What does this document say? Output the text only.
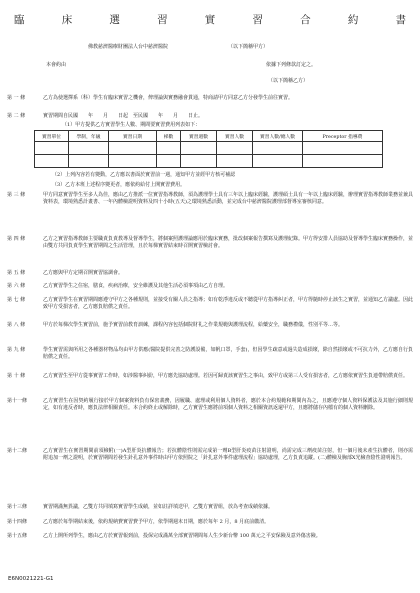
臨	床	選	習	實	習	合	約	書
佛教慈濟醫療財團法人台中慈濟醫院	（以下簡稱甲方）
本會約由	依據下列條款訂定之。
（以下簡稱乙方）
第 一 條	乙方為使選擇系（科）學生有臨床實習之機會，俾理論與實務融會貫通，特商請甲方同意乙方分發學生前往實習。
第 二 條	實習期間自民國　　年　　月　　日起　至民國　　年　　月　　日止。
（1）甲方提供乙方實習學生人數、期間要實習費用列表如下：
實習單位	學制，年級	實習日期	梯數	實習週數	實習人數	實習人數/總人數	Preceptor 指導費

（2）上列內容若有變動，乙方應以書面於實習前一週，通知甲方並經甲方核可補認
（3）乙方本班上述程序變更者，應依約給付上開實習費用。
第 三 條	甲方同意實習學生至多人為佳，應由乙方推派一位實習指導教師，須為護理學士具有三年以上臨床經驗，護理碩士具有一年以上臨床經驗，辦理實習指導教師業務並兼具資料表，環境熟悉計畫書、一年內體檢證明資料及四十小時(五天)之環境熟悉活動，並完成台中慈濟醫院護理部督導室審核同意。
第 四 條	乙方之實習指導教師主要職責負責教導及督導學生，將個案照護理論應用於臨床實務，批改個案報告撰寫及護理紀錄。甲方得安排人員協助及督導學生臨床實務操作，並由雙方共同負責學生實習期間之生活管理，且於每梯實習結束時召開實習檢討會。
第 五 條	乙方應與甲方定期召開實習協調會。
第 六 條	乙方實習學生之住宿，膳食，疾病治療，安全維護及其他生活必須事項由乙方自理。
第 七 條	乙方實習學生在實習期間應遵守甲方之各種規則，並接受有關人員之指導；如有乾淨違反或不聽從甲方指導糾正者，甲方得隨時停止該生之實習，並通知乙方議處。因此致甲方受損害者，乙方應負賠償之責任。
第 八 條	甲方於每梯次學生實習前，施予實習前教育訓練，課程內容包括個院財礼之作業規範與護理流程，給藥安全，職務禮儀，性別平等…等。
第 九 條	學生實習需與所用之各種器材物品均由甲方供應(醫院提供完善之防護設備，如帆口罩，手套)，但因學生疏意或過失造成損壞，除自然損壞或不可抗力外，乙方應自行負賠償之責任。
第 十 條	乙方實習生至甲方從事實習工作時，如涉醫事糾紛，甲方應先協助處理。若因可歸責該實習生之事由，致甲方或第三人受有損害者，乙方應依實習生負連帶賠償責任。
第十一條	乙方實習生在因契約履行接於甲方個案資料負有保密義務，因履職、處理或利用個人資料者，應於本合約規範和期間內為之，且應遵守個人資料保護法及其施行細則規定，如有違反者時，應負法律相關責任。本合約終止或解除時，乙方實習生應將前項個人資料之相關資訊返還甲方，且應將儲存內檔有的個人資料刪除。
第十二條	乙方實習生在實習期間前須檢附(一)A型肝炎抗體報告；若抗體陰性則需完成第一劑B型肝炎疫苗注射證明，尚需完成三劑疫苗注射，但一個月後未產生抗體者，則亦需附追加一劑之證明，於實習期間若發生針孔意外事件時由甲方依照院之「針扎意外事件處理流程」協助處理，乙方負責追蹤。(二)體檢及胸部X光檢查陰性證明報告。
第十三條	實習期滿無異議，乙雙方共同填寫實習學生成績，並如註詳填送甲，乙雙方實習組，放為考查成績依據。
第十四條	乙方應於每學期結束後，依約規納費實習費予甲方，依學期週末日期，應於每年 2 月，8 月底前繳清。
第十五條	乙方上開所列學生，應由乙方於實習報到前，投保完成滿萬全部實習期間每人生少新台幣 100 萬元之平安保險及意外傷害險。
E6N0021221-G1
